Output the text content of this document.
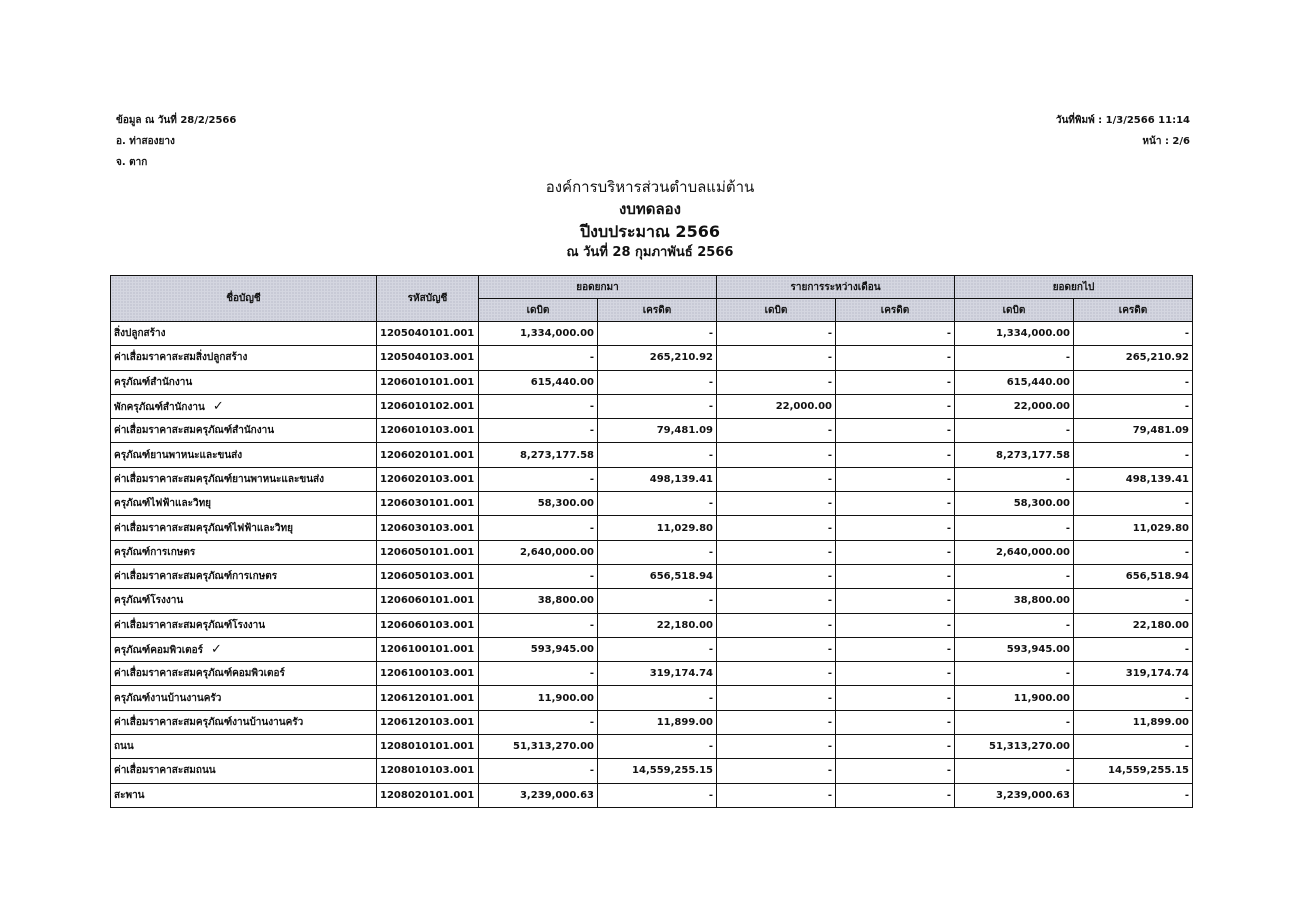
ข้อมูล ณ วันที่ 28/2/2566
อ. ท่าสองยาง
จ. ตาก
วันที่พิมพ์ : 1/3/2566 11:14
หน้า : 2/6
องค์การบริหารส่วนตำบลแม่ต้าน
งบทดลอง
ปีงบประมาณ 2566
ณ วันที่ 28 กุมภาพันธ์ 2566
ชื่อบัญชี	รหัสบัญชี	ยอดยกมา		รายการระหว่างเดือน		ยอดยกไป	
		เดบิต	เครดิต	เดบิต	เครดิต	เดบิต	เครดิต
สิ่งปลูกสร้าง	1205040101.001	1,334,000.00	-	-	-	1,334,000.00	-
ค่าเสื่อมราคาสะสมสิ่งปลูกสร้าง	1205040103.001	-	265,210.92	-	-	-	265,210.92
ครุภัณฑ์สำนักงาน	1206010101.001	615,440.00	-	-	-	615,440.00	-
พักครุภัณฑ์สำนักงาน ✓	1206010102.001	-	-	22,000.00	-	22,000.00	-
ค่าเสื่อมราคาสะสมครุภัณฑ์สำนักงาน	1206010103.001	-	79,481.09	-	-	-	79,481.09
ครุภัณฑ์ยานพาหนะและขนส่ง	1206020101.001	8,273,177.58	-	-	-	8,273,177.58	-
ค่าเสื่อมราคาสะสมครุภัณฑ์ยานพาหนะและขนส่ง	1206020103.001	-	498,139.41	-	-	-	498,139.41
ครุภัณฑ์ไฟฟ้าและวิทยุ	1206030101.001	58,300.00	-	-	-	58,300.00	-
ค่าเสื่อมราคาสะสมครุภัณฑ์ไฟฟ้าและวิทยุ	1206030103.001	-	11,029.80	-	-	-	11,029.80
ครุภัณฑ์การเกษตร	1206050101.001	2,640,000.00	-	-	-	2,640,000.00	-
ค่าเสื่อมราคาสะสมครุภัณฑ์การเกษตร	1206050103.001	-	656,518.94	-	-	-	656,518.94
ครุภัณฑ์โรงงาน	1206060101.001	38,800.00	-	-	-	38,800.00	-
ค่าเสื่อมราคาสะสมครุภัณฑ์โรงงาน	1206060103.001	-	22,180.00	-	-	-	22,180.00
ครุภัณฑ์คอมพิวเตอร์ ✓	1206100101.001	593,945.00	-	-	-	593,945.00	-
ค่าเสื่อมราคาสะสมครุภัณฑ์คอมพิวเตอร์	1206100103.001	-	319,174.74	-	-	-	319,174.74
ครุภัณฑ์งานบ้านงานครัว	1206120101.001	11,900.00	-	-	-	11,900.00	-
ค่าเสื่อมราคาสะสมครุภัณฑ์งานบ้านงานครัว	1206120103.001	-	11,899.00	-	-	-	11,899.00
ถนน	1208010101.001	51,313,270.00	-	-	-	51,313,270.00	-
ค่าเสื่อมราคาสะสมถนน	1208010103.001	-	14,559,255.15	-	-	-	14,559,255.15
สะพาน	1208020101.001	3,239,000.63	-	-	-	3,239,000.63	-
